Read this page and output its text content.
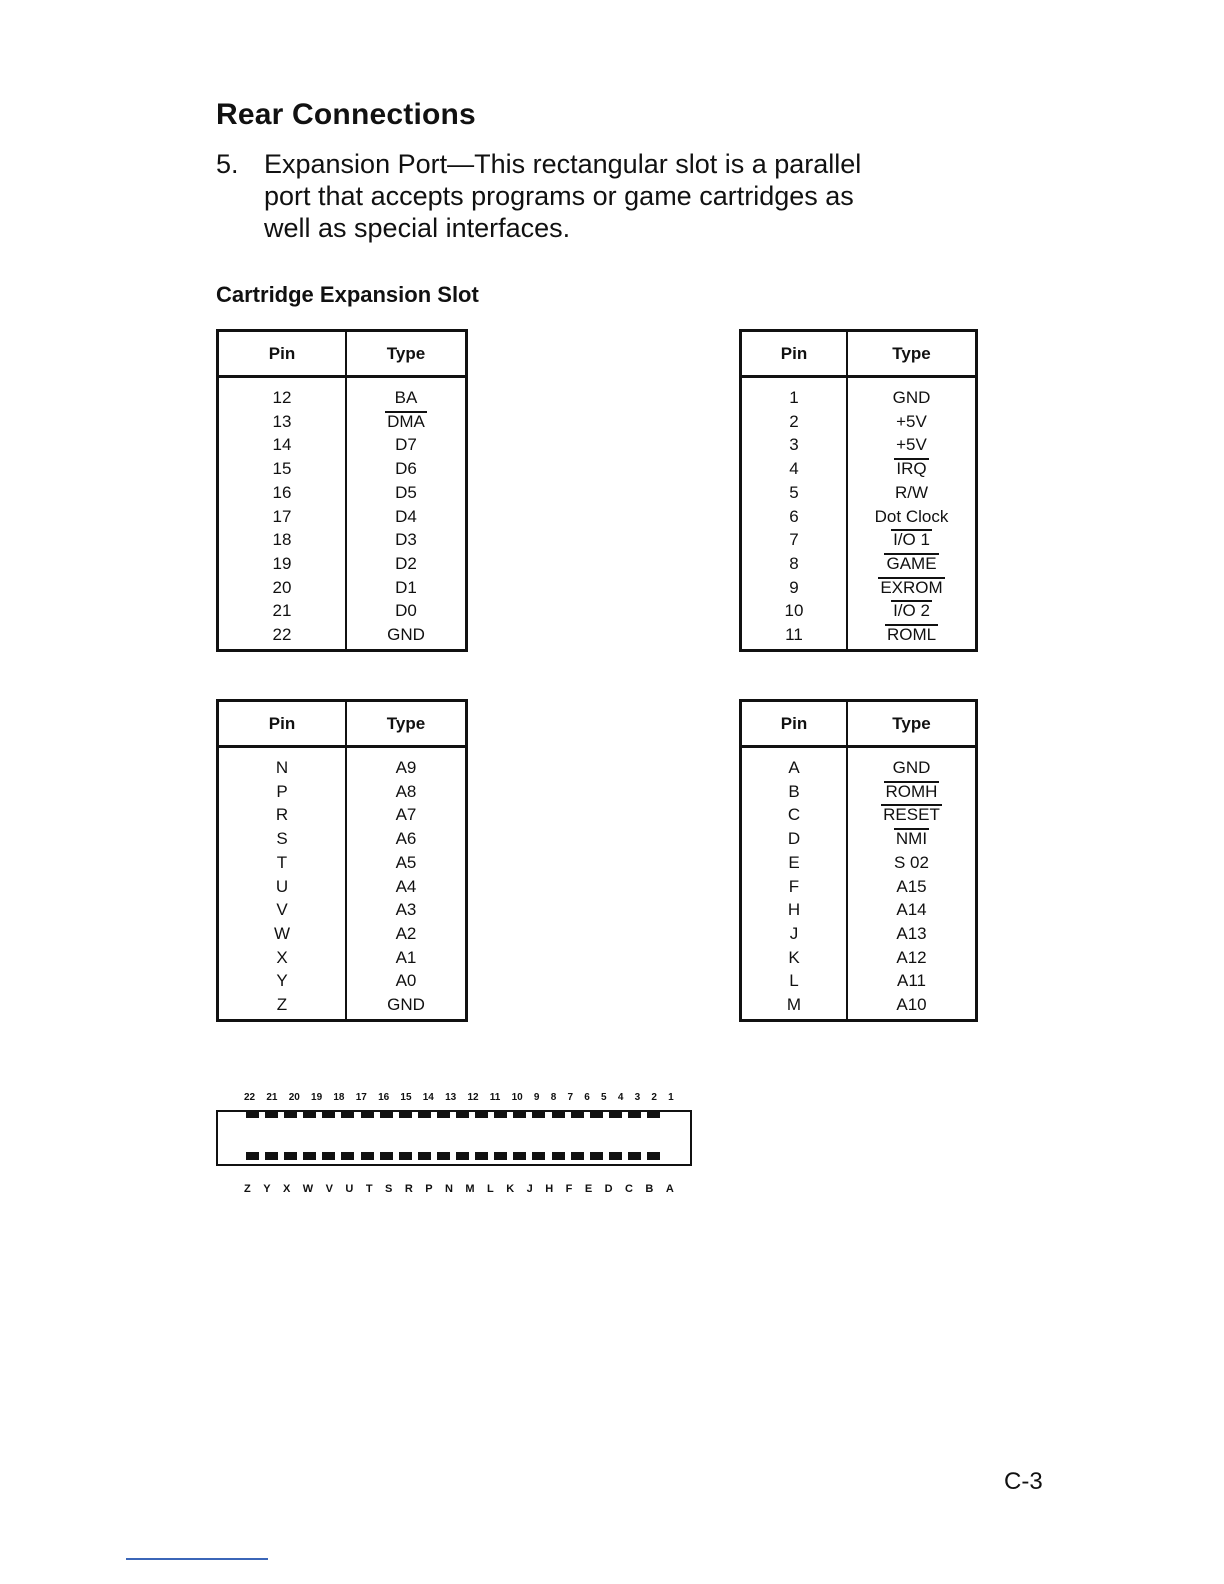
Rear Connections
5. Expansion Port—This rectangular slot is a parallel
port that accepts programs or game cartridges as
well as special interfaces.
Cartridge Expansion Slot
Pin	Type
12	BA
13	DMA
14	D7
15	D6
16	D5
17	D4
18	D3
19	D2
20	D1
21	D0
22	GND
Pin	Type
1	GND
2	+5V
3	+5V
4	IRQ
5	R/W
6	Dot Clock
7	I/O 1
8	GAME
9	EXROM
10	I/O 2
11	ROML
Pin	Type
N	A9
P	A8
R	A7
S	A6
T	A5
U	A4
V	A3
W	A2
X	A1
Y	A0
Z	GND
Pin	Type
A	GND
B	ROMH
C	RESET
D	NMI
E	S 02
F	A15
H	A14
J	A13
K	A12
L	A11
M	A10
22 21 20 19 18 17 16 15 14 13 12 11 10 9 8 7 6 5 4 3 2 1
Z Y X W V U T S R P N M L K J H F E D C B A
C-3
